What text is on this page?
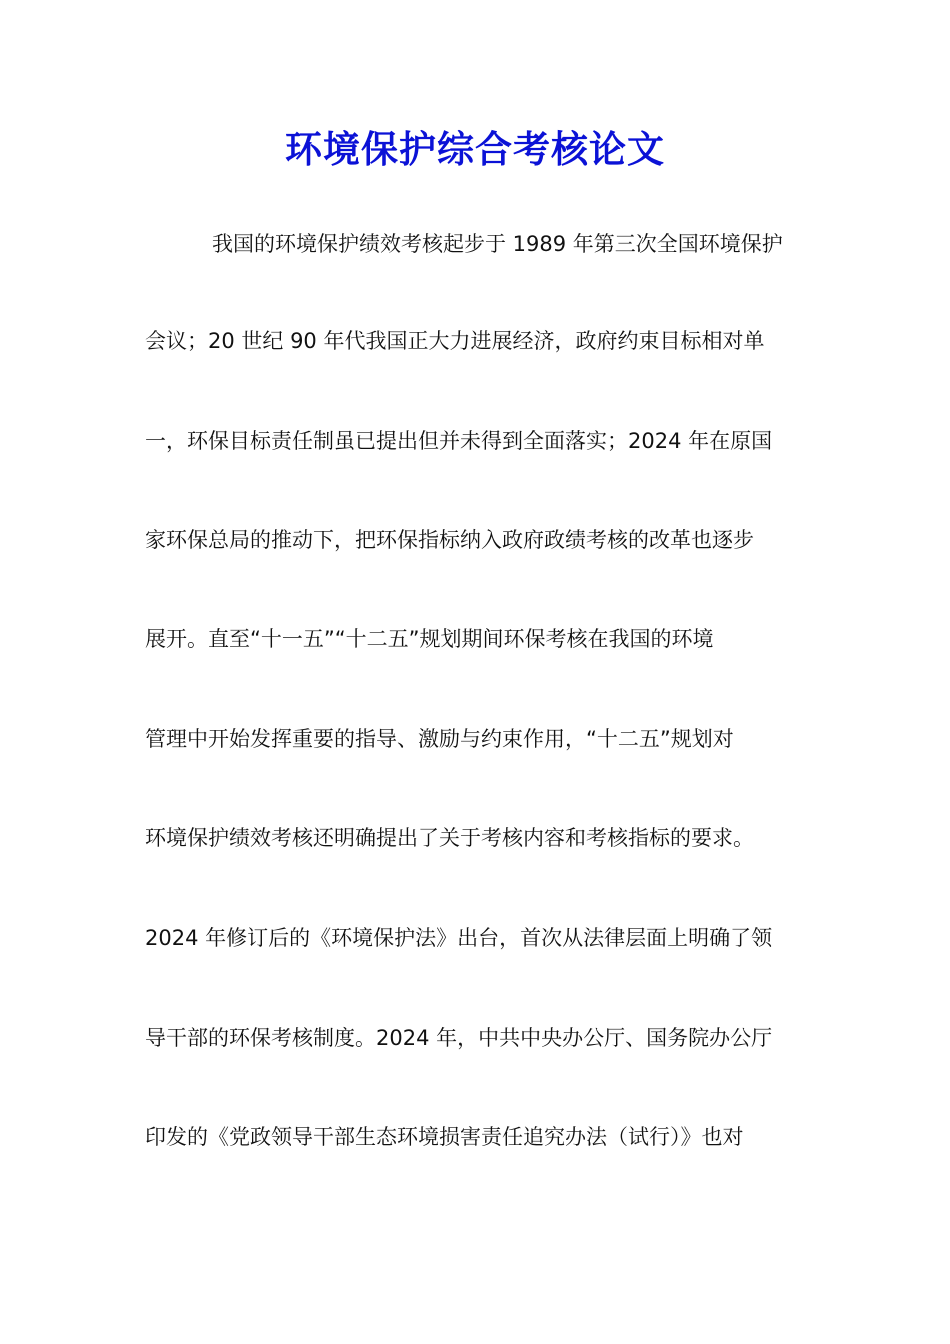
环境保护综合考核论文

我国的环境保护绩效考核起步于 1989 年第三次全国环境保护

会议；20 世纪 90 年代我国正大力进展经济，政府约束目标相对单

一，环保目标责任制虽已提出但并未得到全面落实；2024 年在原国

家环保总局的推动下，把环保指标纳入政府政绩考核的改革也逐步

展开。直至“十一五”“十二五”规划期间环保考核在我国的环境

管理中开始发挥重要的指导、激励与约束作用，“十二五”规划对

环境保护绩效考核还明确提出了关于考核内容和考核指标的要求。

2024 年修订后的《环境保护法》出台，首次从法律层面上明确了领

导干部的环保考核制度。2024 年，中共中央办公厅、国务院办公厅

印发的《党政领导干部生态环境损害责任追究办法（试行）》也对
